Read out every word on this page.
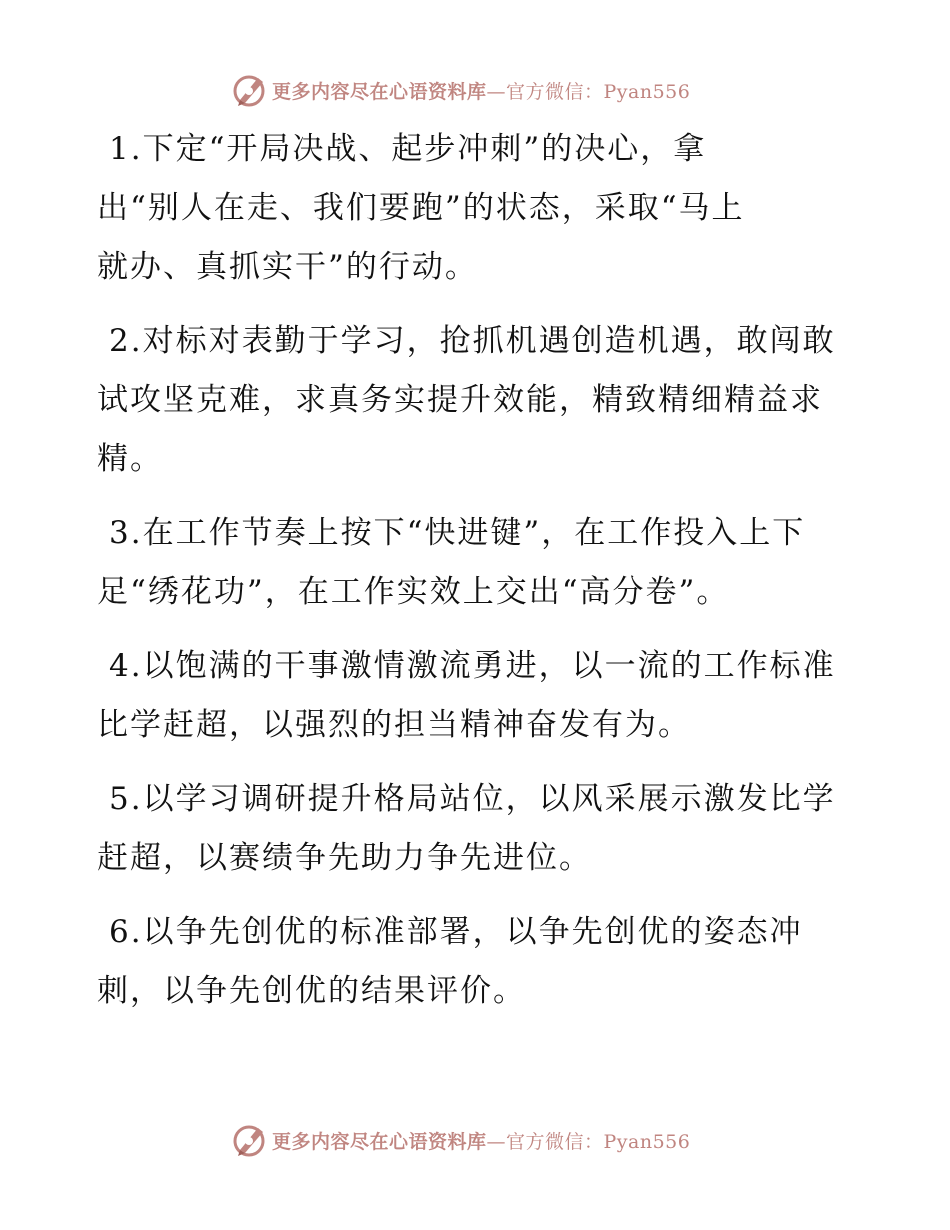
更多内容尽在心语资料库 —官方微信：Pyan556

1.下定“开局决战、起步冲刺”的决心，拿出“别人在走、我们要跑”的状态，采取“马上就办、真抓实干”的行动。

2.对标对表勤于学习，抢抓机遇创造机遇，敢闯敢试攻坚克难，求真务实提升效能，精致精细精益求精。

3.在工作节奏上按下“快进键”，在工作投入上下足“绣花功”，在工作实效上交出“高分卷”。

4.以饱满的干事激情激流勇进，以一流的工作标准比学赶超，以强烈的担当精神奋发有为。

5.以学习调研提升格局站位，以风采展示激发比学赶超，以赛绩争先助力争先进位。

6.以争先创优的标准部署，以争先创优的姿态冲刺，以争先创优的结果评价。

更多内容尽在心语资料库 —官方微信：Pyan556
